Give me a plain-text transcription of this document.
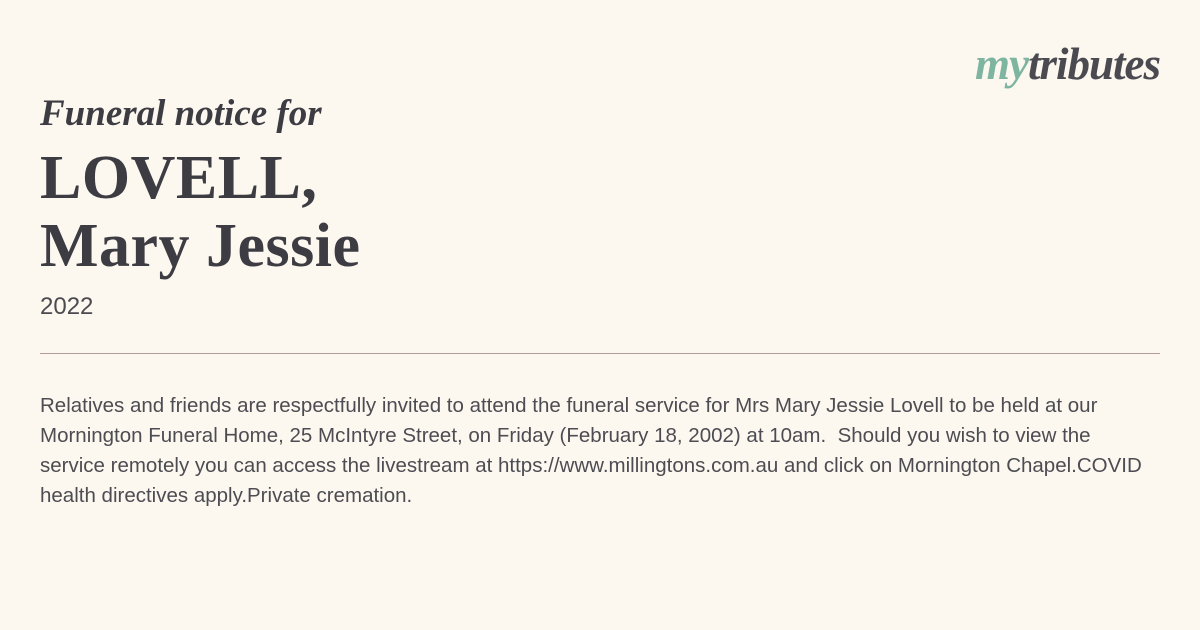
mytributes
Funeral notice for
LOVELL,
Mary Jessie
2022

Relatives and friends are respectfully invited to attend the funeral service for Mrs Mary Jessie Lovell to be held at our Mornington Funeral Home, 25 McIntyre Street, on Friday (February 18, 2002) at 10am.  Should you wish to view the service remotely you can access the livestream at https://www.millingtons.com.au and click on Mornington Chapel.COVID health directives apply.Private cremation.
